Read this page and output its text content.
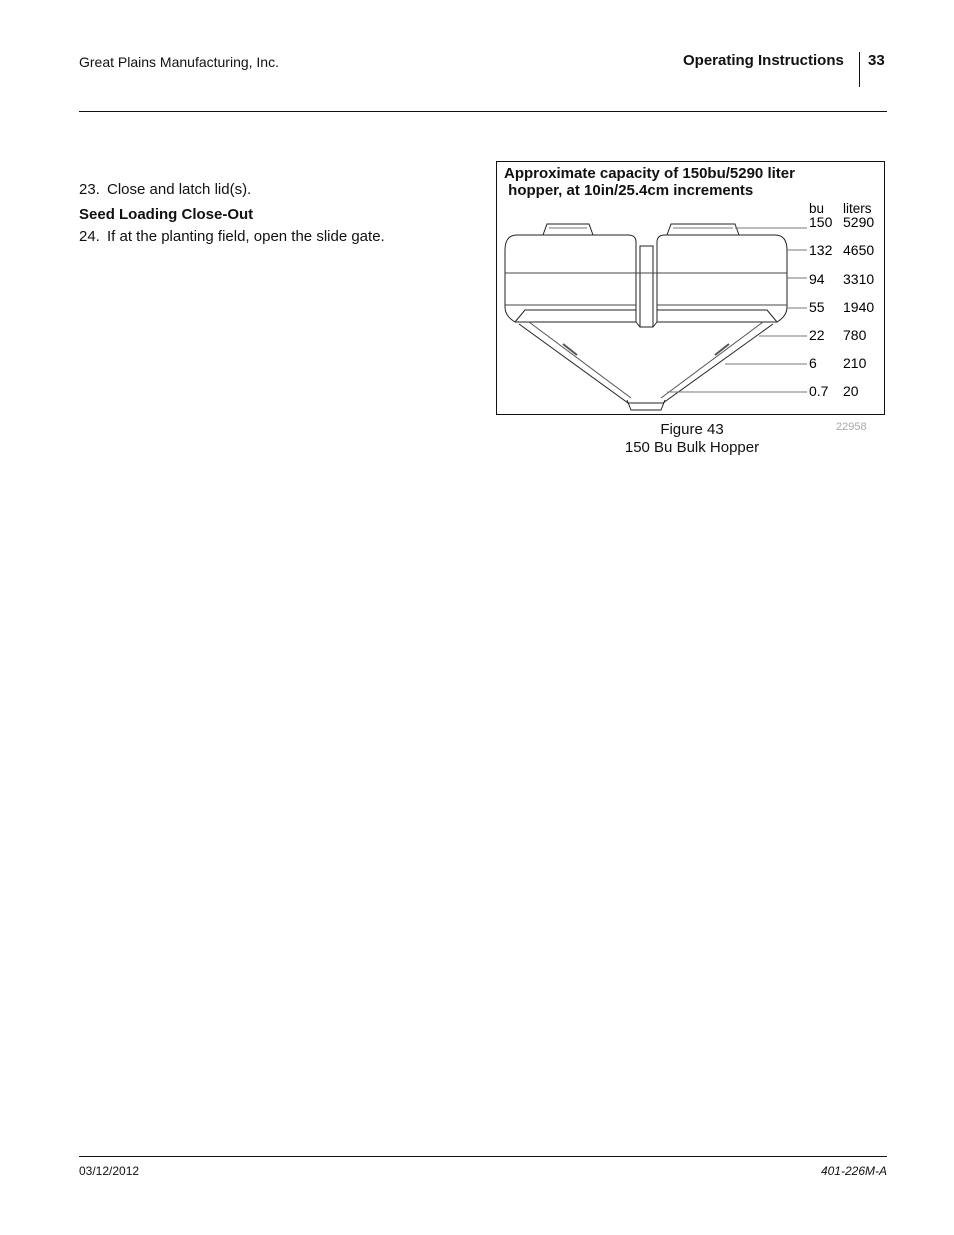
Great Plains Manufacturing, Inc.	Operating Instructions 33
23. Close and latch lid(s).
Seed Loading Close-Out
24. If at the planting field, open the slide gate.
Approximate capacity of 150bu/5290 liter
hopper, at 10in/25.4cm increments
bu liters
150 5290
132 4650
94 3310
55 1940
22 780
6 210
0.7 20
22958
Figure 43
150 Bu Bulk Hopper
03/12/2012	401-226M-A
